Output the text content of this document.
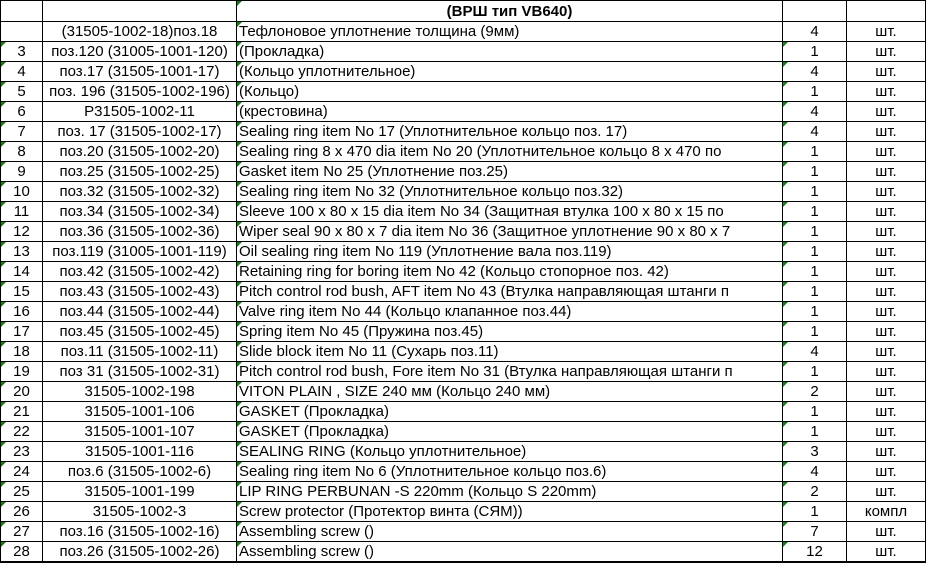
		(ВРШ тип VB640)		
	(31505-1002-18)поз.18	Тефлоновое уплотнение толщина (9мм)	4	шт.
3	поз.120 (31005-1001-120)	(Прокладка)	1	шт.
4	поз.17 (31505-1001-17)	(Кольцо уплотнительное)	4	шт.
5	поз. 196 (31505-1002-196)	(Кольцо)	1	шт.
6	P31505-1002-11	(крестовина)	4	шт.
7	поз. 17 (31505-1002-17)	Sealing ring item No 17 (Уплотнительное кольцо поз. 17)	4	шт.
8	поз.20 (31505-1002-20)	Sealing ring 8 x 470 dia item No 20 (Уплотнительное кольцо 8 x 470 по	1	шт.
9	поз.25 (31505-1002-25)	Gasket item No 25 (Уплотнение поз.25)	1	шт.
10	поз.32 (31505-1002-32)	Sealing ring item No 32 (Уплотнительное кольцо поз.32)	1	шт.
11	поз.34 (31505-1002-34)	Sleeve 100 x 80 x 15 dia item No 34 (Защитная втулка 100 x 80 x 15 по	1	шт.
12	поз.36 (31505-1002-36)	Wiper seal 90 x 80 x 7 dia item No 36 (Защитное уплотнение 90 x 80 x 7	1	шт.
13	поз.119 (31005-1001-119)	Oil sealing ring item No 119 (Уплотнение вала поз.119)	1	шт.
14	поз.42 (31505-1002-42)	Retaining ring for boring item No 42 (Кольцо стопорное поз. 42)	1	шт.
15	поз.43 (31505-1002-43)	Pitch control rod bush, AFT item No 43 (Втулка направляющая штанги п	1	шт.
16	поз.44 (31505-1002-44)	Valve ring item No 44 (Кольцо клапанное поз.44)	1	шт.
17	поз.45 (31505-1002-45)	Spring item No 45 (Пружина поз.45)	1	шт.
18	поз.11 (31505-1002-11)	Slide block item No 11 (Сухарь поз.11)	4	шт.
19	поз 31 (31505-1002-31)	Pitch control rod bush, Fore item No 31 (Втулка направляющая штанги п	1	шт.
20	31505-1002-198	VITON PLAIN , SIZE 240 мм (Кольцо 240 мм)	2	шт.
21	31505-1001-106	GASKET (Прокладка)	1	шт.
22	31505-1001-107	GASKET (Прокладка)	1	шт.
23	31505-1001-116	SEALING RING (Кольцо уплотнительное)	3	шт.
24	поз.6 (31505-1002-6)	Sealing ring item No 6 (Уплотнительное кольцо поз.6)	4	шт.
25	31505-1001-199	LIP RING PERBUNAN -S 220mm (Кольцо S 220mm)	2	шт.
26	31505-1002-3	Screw protector (Протектор винта (СЯМ))	1	компл
27	поз.16 (31505-1002-16)	Assembling screw ()	7	шт.
28	поз.26 (31505-1002-26)	Assembling screw ()	12	шт.
